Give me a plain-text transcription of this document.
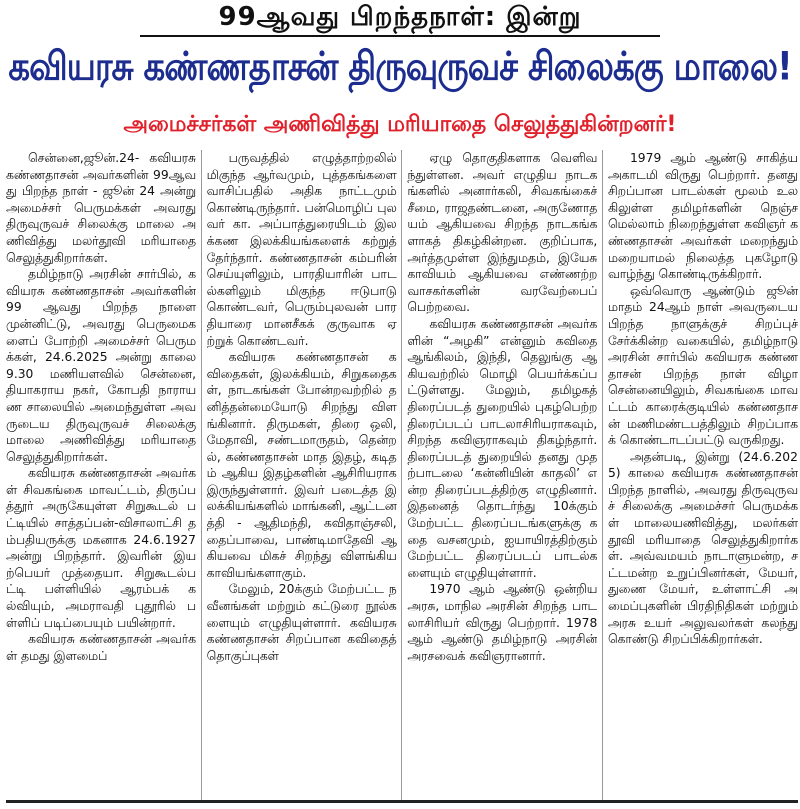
99ஆவது பிறந்தநாள்: இன்று
கவியரசு கண்ணதாசன் திருவுருவச் சிலைக்கு மாலை!
அமைச்சர்கள் அணிவித்து மரியாதை செலுத்துகின்றனர்!

சென்னை,ஜூன்.24- கவியரசு கண்ணதாசன் அவர்களின் 99ஆவது பிறந்த நாள் - ஜூன் 24 அன்று அமைச்சர் பெருமக்கள் அவரது திருவுருவச் சிலைக்கு மாலை அணிவித்து மலர்தூவி மரியாதை செலுத்துகிறார்கள்.

தமிழ்நாடு அரசின் சார்பில், கவியரசு கண்ணதாசன் அவர்களின் 99 ஆவது பிறந்த நாளை முன்னிட்டு, அவரது பெருமைகளைப் போற்றி அமைச்சர் பெருமக்கள், 24.6.2025 அன்று காலை 9.30 மணியளவில் சென்னை, தியாகராய நகர், கோபதி நாராயண சாலையில் அமைந்துள்ள அவருடைய திருவுருவச் சிலைக்கு மாலை அணிவித்து மரியாதை செலுத்துகிறார்கள்.

கவியரசு கண்ணதாசன் அவர்கள் சிவகங்கை மாவட்டம், திருப்பத்தூர் அருகேயுள்ள சிறுகூடல் பட்டியில் சாத்தப்பன்-விசாலாட்சி தம்பதியருக்கு மகனாக 24.6.1927 அன்று பிறந்தார். இவரின் இயற்பெயர் முத்தையா. சிறுகூடல்பட்டி பள்ளியில் ஆரம்பக் கல்வியும், அமராவதி புதூரில் பள்ளிப் படிப்பையும் பயின்றார்.

கவியரசு கண்ணதாசன் அவர்கள் தமது இளமைப்

பருவத்தில் எழுத்தாற்றலில் மிகுந்த ஆர்வமும், புத்தகங்களை வாசிப்பதில் அதிக நாட்டமும் கொண்டிருந்தார். பன்மொழிப் புலவர் கா. அப்பாத்துரையிடம் இலக்கண இலக்கியங்களைக் கற்றுத் தேர்ந்தார். கண்ணதாசன் கம்பரின் செய்யுளிலும், பாரதியாரின் பாடல்களிலும் மிகுந்த ஈடுபாடு கொண்டவர், பெரும்புலவன் பாரதியாரை மானசீகக் குருவாக ஏற்றுக் கொண்டவர்.

கவியரசு கண்ணதாசன் கவிதைகள், இலக்கியம், சிறுகதைகள், நாடகங்கள் போன்றவற்றில் தனித்தன்மையோடு சிறந்து விளங்கினார். திருமகள், திரை ஒலி, மேதாவி, சண்டமாருதம், தென்றல், கண்ணதாசன் மாத இதழ், கடிதம் ஆகிய இதழ்களின் ஆசிரியராக இருந்துள்ளார். இவர் படைத்த இலக்கியங்களில் மாங்கனி, ஆட்டனத்தி - ஆதிமந்தி, கவிதாஞ்சலி, தைப்பாவை, பாண்டிமாதேவி ஆகியவை மிகச் சிறந்து விளங்கிய காவியங்களாகும்.

மேலும், 20க்கும் மேற்பட்ட நவீனங்கள் மற்றும் கட்டுரை நூல்களையும் எழுதியுள்ளார். கவியரசு கண்ணதாசன் சிறப்பான கவிதைத் தொகுப்புகள்

ஏழு தொகுதிகளாக வெளிவந்துள்ளன. அவர் எழுதிய நாடகங்களில் அனார்கலி, சிவகங்கைச் சீமை, ராஜதண்டனை, அருணோதயம் ஆகியவை சிறந்த நாடகங்களாகத் திகழ்கின்றன. குறிப்பாக, அர்த்தமுள்ள இந்துமதம், இயேசு காவியம் ஆகியவை எண்ணற்ற வாசகர்களின் வரவேற்பைப் பெற்றவை.

கவியரசு கண்ணதாசன் அவர்களின் “அழகி” என்னும் கவிதை ஆங்கிலம், இந்தி, தெலுங்கு ஆகியவற்றில் மொழி பெயர்க்கப்பட்டுள்ளது. மேலும், தமிழகத் திரைப்படத் துறையில் புகழ்பெற்ற திரைப்படப் பாடலாசிரியராகவும், சிறந்த கவிஞராகவும் திகழ்ந்தார். திரைப்படத் துறையில் தனது முதற்பாடலை ‘கன்னியின் காதலி’ என்ற திரைப்படத்திற்கு எழுதினார். இதனைத் தொடர்ந்து 10க்கும் மேற்பட்ட திரைப்படங்களுக்கு கதை வசனமும், ஐயாயிரத்திற்கும் மேற்பட்ட திரைப்படப் பாடல்களையும் எழுதியுள்ளார்.

1970 ஆம் ஆண்டு ஒன்றிய அரசு, மாநில அரசின் சிறந்த பாடலாசிரியர் விருது பெற்றார். 1978 ஆம் ஆண்டு தமிழ்நாடு அரசின் அரசவைக் கவிஞரானார்.

1979 ஆம் ஆண்டு சாகித்ய அகாடமி விருது பெற்றார். தனது சிறப்பான பாடல்கள் மூலம் உலகிலுள்ள தமிழர்களின் நெஞ்சமெல்லாம் நிறைந்துள்ள கவிஞர் கண்ணதாசன் அவர்கள் மறைந்தும் மறையாமல் நிலைத்த புகழோடு வாழ்ந்து கொண்டிருக்கிறார்.

ஒவ்வொரு ஆண்டும் ஜூன் மாதம் 24ஆம் நாள் அவருடைய பிறந்த நாளுக்குச் சிறப்புச் சேர்க்கின்ற வகையில், தமிழ்நாடு அரசின் சார்பில் கவியரசு கண்ணதாசன் பிறந்த நாள் விழா சென்னையிலும், சிவகங்கை மாவட்டம் காரைக்குடியில் கண்ணதாசன் மணிமண்டபத்திலும் சிறப்பாகக் கொண்டாடப்பட்டு வருகிறது.

அதன்படி, இன்று (24.6.2025) காலை கவியரசு கண்ணதாசன் பிறந்த நாளில், அவரது திருவுருவச் சிலைக்கு அமைச்சர் பெருமக்கள் மாலையணிவித்து, மலர்கள் தூவி மரியாதை செலுத்துகிறார்கள். அவ்வமயம் நாடாளுமன்ற, சட்டமன்ற உறுப்பினர்கள், மேயர், துணை மேயர், உள்ளாட்சி அமைப்புகளின் பிரதிநிதிகள் மற்றும் அரசு உயர் அலுவலர்கள் கலந்து கொண்டு சிறப்பிக்கிறார்கள்.
